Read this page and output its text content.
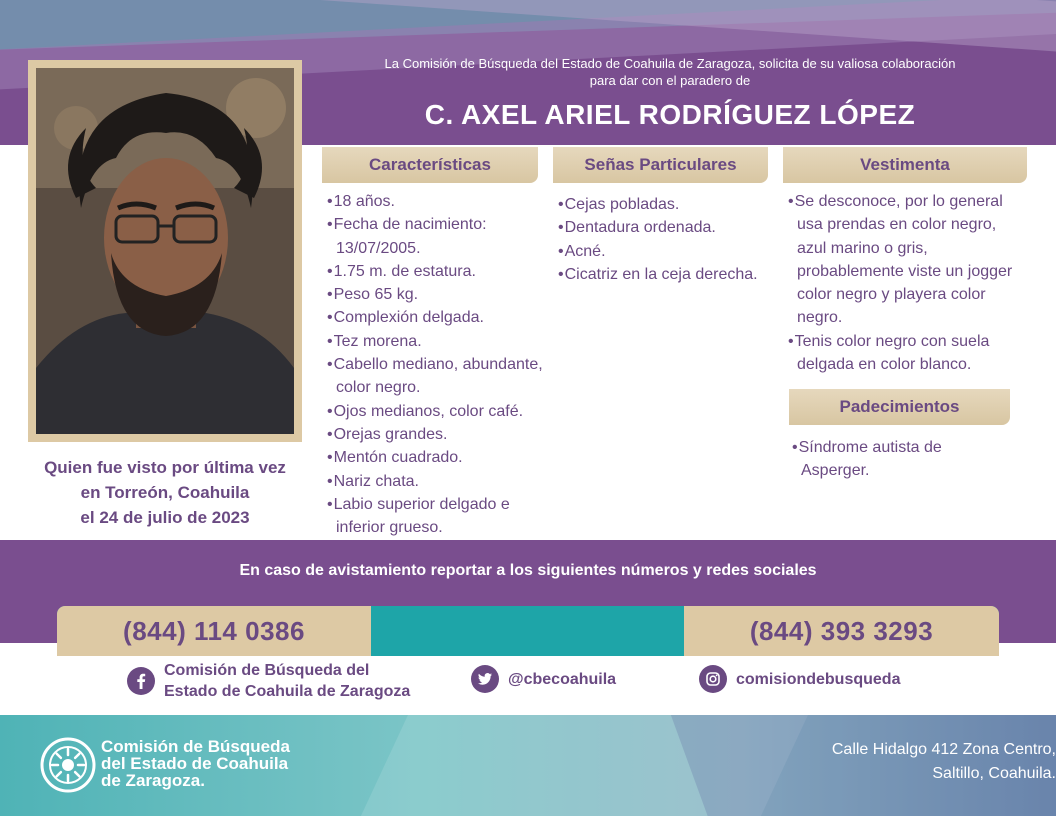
La Comisión de Búsqueda del Estado de Coahuila de Zaragoza, solicita de su valiosa colaboración para dar con el paradero de
C. AXEL ARIEL RODRÍGUEZ LÓPEZ
Quien fue visto por última vez
en Torreón, Coahuila
el 24 de julio de 2023
Características	Señas Particulares	Vestimenta
Padecimientos
• 18 años.
• Fecha de nacimiento: 13/07/2005.
• 1.75 m. de estatura.
• Peso 65 kg.
• Complexión delgada.
• Tez morena.
• Cabello mediano, abundante, color negro.
• Ojos medianos, color café.
• Orejas grandes.
• Mentón cuadrado.
• Nariz chata.
• Labio superior delgado e inferior grueso.
• Cejas pobladas.
• Dentadura ordenada.
• Acné.
• Cicatriz en la ceja derecha.
• Se desconoce, por lo general usa prendas en color negro, azul marino o gris, probablemente viste un jogger color negro y playera color negro.
• Tenis color negro con suela delgada en color blanco.
• Síndrome autista de Asperger.
En caso de avistamiento reportar a los siguientes números y redes sociales
(844) 114 0386	(844) 393 3293
Comisión de Búsqueda del
Estado de Coahuila de Zaragoza
@cbecoahuila	comisiondebusqueda
Comisión de Búsqueda
del Estado de Coahuila
de Zaragoza.
Calle Hidalgo 412 Zona Centro,
Saltillo, Coahuila.
